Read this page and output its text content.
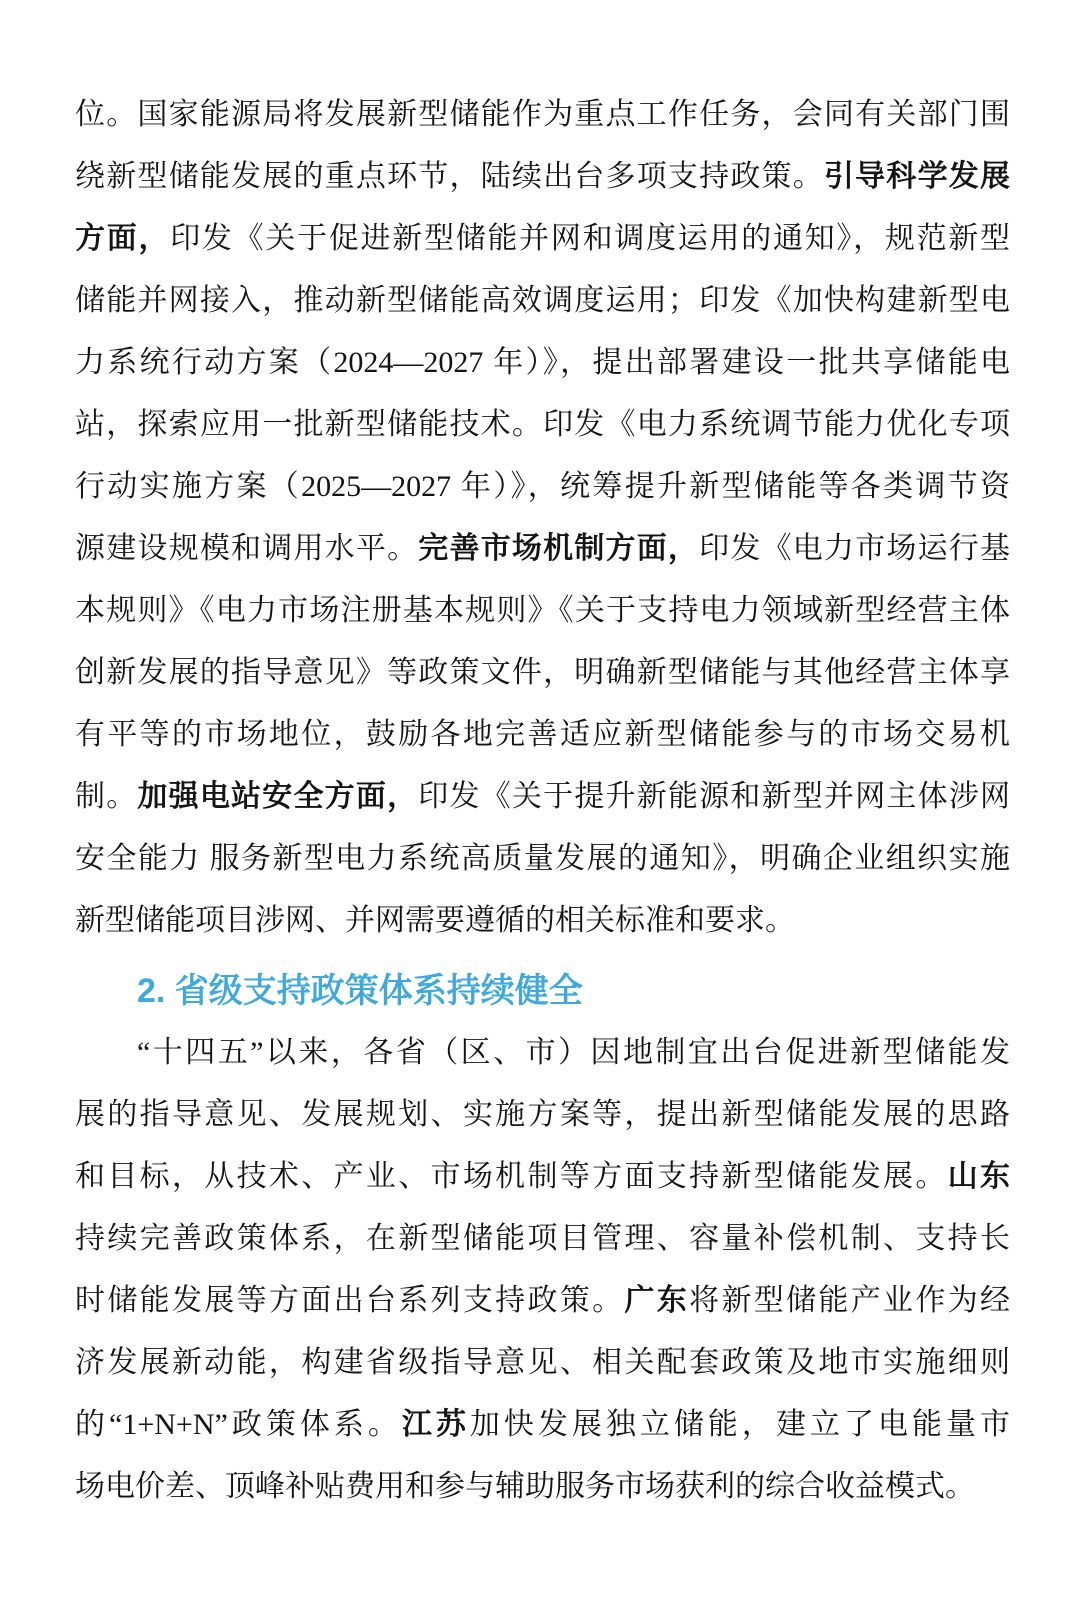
位。国家能源局将发展新型储能作为重点工作任务，会同有关部门围
绕新型储能发展的重点环节，陆续出台多项支持政策。引导科学发展
方面，印发《关于促进新型储能并网和调度运用的通知》，规范新型
储能并网接入，推动新型储能高效调度运用；印发《加快构建新型电
力系统行动方案（2024—2027 年）》，提出部署建设一批共享储能电
站，探索应用一批新型储能技术。印发《电力系统调节能力优化专项
行动实施方案（2025—2027 年）》，统筹提升新型储能等各类调节资
源建设规模和调用水平。完善市场机制方面，印发《电力市场运行基
本规则》《电力市场注册基本规则》《关于支持电力领域新型经营主体
创新发展的指导意见》等政策文件，明确新型储能与其他经营主体享
有平等的市场地位，鼓励各地完善适应新型储能参与的市场交易机
制。加强电站安全方面，印发《关于提升新能源和新型并网主体涉网
安全能力 服务新型电力系统高质量发展的通知》，明确企业组织实施
新型储能项目涉网、并网需要遵循的相关标准和要求。
2. 省级支持政策体系持续健全
“十四五”以来，各省（区、市）因地制宜出台促进新型储能发
展的指导意见、发展规划、实施方案等，提出新型储能发展的思路
和目标，从技术、产业、市场机制等方面支持新型储能发展。山东
持续完善政策体系，在新型储能项目管理、容量补偿机制、支持长
时储能发展等方面出台系列支持政策。广东将新型储能产业作为经
济发展新动能，构建省级指导意见、相关配套政策及地市实施细则
的“1+N+N”政策体系。江苏加快发展独立储能，建立了电能量市
场电价差、顶峰补贴费用和参与辅助服务市场获利的综合收益模式。
